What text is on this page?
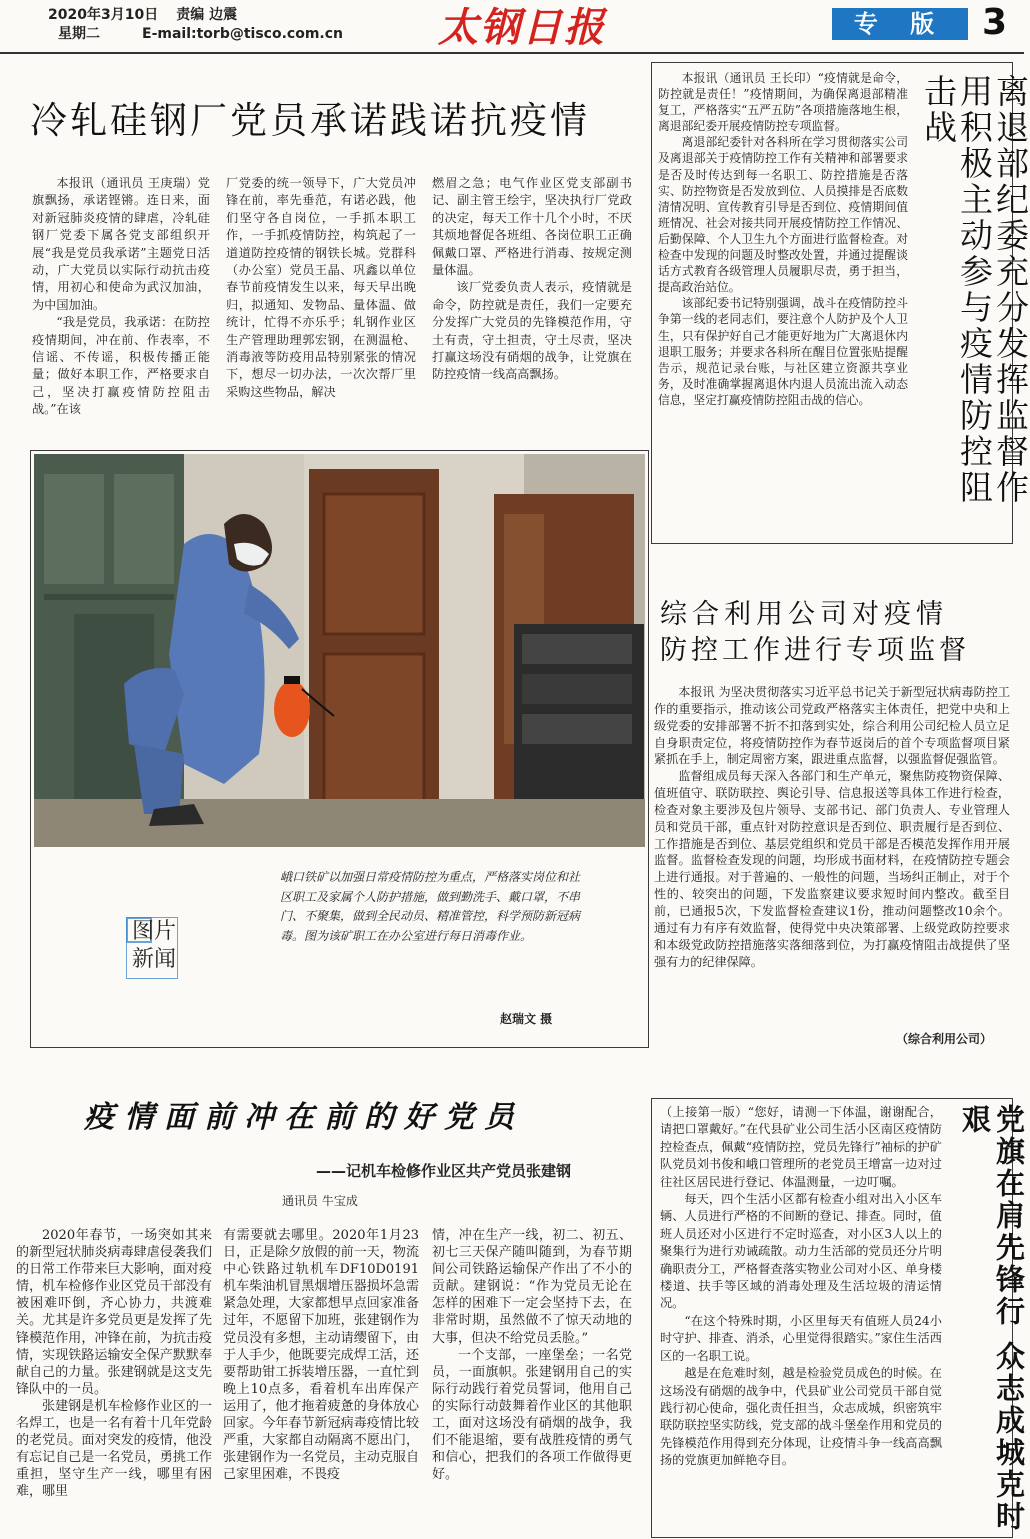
2020年3月10日 责编 边震
星期二	E-mail:torb@tisco.com.cn 太钢日报	专 版 3
冷轧硅钢厂党员承诺践诺抗疫情

本报讯（通讯员 王庚瑞）党旗飘扬，承诺铿锵。连日来，面对新冠肺炎疫情的肆虐，冷轧硅钢厂党委下属各党支部组织开展“我是党员我承诺”主题党日活动，广大党员以实际行动抗击疫情，用初心和使命为武汉加油，为中国加油。

“我是党员，我承诺：在防控疫情期间，冲在前、作表率，不信谣、不传谣，积极传播正能量；做好本职工作，严格要求自己，坚决打赢疫情防控阻击战。”在该

厂党委的统一领导下，广大党员冲锋在前，率先垂范，有诺必践，他们坚守各自岗位，一手抓本职工作，一手抓疫情防控，构筑起了一道道防控疫情的钢铁长城。党群科（办公室）党员王晶、巩鑫以单位春节前疫情发生以来，每天早出晚归，拟通知、发物品、量体温、做统计，忙得不亦乐乎；轧钢作业区生产管理助理郭宏钢，在测温枪、消毒液等防疫用品特别紧张的情况下，想尽一切办法，一次次帮厂里采购这些物品，解决

燃眉之急；电气作业区党支部副书记、副主管王绘宇，坚决执行厂党政的决定，每天工作十几个小时，不厌其烦地督促各班组、各岗位职工正确佩戴口罩、严格进行消毒、按规定测量体温。

该厂党委负责人表示，疫情就是命令，防控就是责任，我们一定要充分发挥广大党员的先锋模范作用，守土有责，守土担责，守土尽责，坚决打赢这场没有硝烟的战争，让党旗在防控疫情一线高高飘扬。

图片
新闻
峨口铁矿以加强日常疫情防控为重点，严格落实岗位和社区职工及家属个人防护措施，做到勤洗手、戴口罩，不串门、不聚集，做到全民动员、精准管控，科学预防新冠病毒。图为该矿职工在办公室进行每日消毒作业。
赵瑞文 摄

本报讯（通讯员 王长印）“疫情就是命令，防控就是责任！”疫情期间，为确保离退部精准复工，严格落实“五严五防”各项措施落地生根，离退部纪委开展疫情防控专项监督。

离退部纪委针对各科所在学习贯彻落实公司及离退部关于疫情防控工作有关精神和部署要求是否及时传达到每一名职工、防控措施是否落实、防控物资是否发放到位、人员摸排是否底数清情况明、宣传教育引导是否到位、疫情期间值班情况、社会对接共同开展疫情防控工作情况、后勤保障、个人卫生九个方面进行监督检查。对检查中发现的问题及时整改处置，并通过提醒谈话方式教育各级管理人员履职尽责，勇于担当，提高政治站位。

该部纪委书记特别强调，战斗在疫情防控斗争第一线的老同志们，要注意个人防护及个人卫生，只有保护好自己才能更好地为广大离退休内退职工服务；并要求各科所在醒目位置张贴提醒告示，规范记录台账，与社区建立资源共享业务，及时准确掌握离退休内退人员流出流入动态信息，坚定打赢疫情防控阻击战的信心。	离退部纪委充分发挥监督作用积极主动参与疫情防控阻击战
综合利用公司对疫情
防控工作进行专项监督

本报讯 为坚决贯彻落实习近平总书记关于新型冠状病毒防控工作的重要指示，推动该公司党政严格落实主体责任，把党中央和上级党委的安排部署不折不扣落到实处，综合利用公司纪检人员立足自身职责定位，将疫情防控作为春节返岗后的首个专项监督项目紧紧抓在手上，制定周密方案，跟进重点监督，以强监督促强监管。

监督组成员每天深入各部门和生产单元，聚焦防疫物资保障、值班值守、联防联控、舆论引导、信息报送等具体工作进行检查，检查对象主要涉及包片领导、支部书记、部门负责人、专业管理人员和党员干部，重点针对防控意识是否到位、职责履行是否到位、工作措施是否到位、基层党组织和党员干部是否模范发挥作用开展监督。监督检查发现的问题，均形成书面材料，在疫情防控专题会上进行通报。对于普遍的、一般性的问题，当场纠正制止，对于个性的、较突出的问题，下发监察建议要求短时间内整改。截至目前，已通报5次，下发监督检查建议1份，推动问题整改10余个。通过有力有序有效监督，使得党中央决策部署、上级党政防控要求和本级党政防控措施落实落细落到位，为打赢疫情阻击战提供了坚强有力的纪律保障。

（综合利用公司）
疫情面前冲在前的好党员
——记机车检修作业区共产党员张建钢
通讯员 牛宝成

2020年春节，一场突如其来的新型冠状肺炎病毒肆虐侵袭我们的日常工作带来巨大影响，面对疫情，机车检修作业区党员干部没有被困难吓倒，齐心协力，共渡难关。尤其是许多党员更是发挥了先锋模范作用，冲锋在前，为抗击疫情，实现铁路运输安全保产默默奉献自己的力量。张建钢就是这支先锋队中的一员。

张建钢是机车检修作业区的一名焊工，也是一名有着十几年党龄的老党员。面对突发的疫情，他没有忘记自己是一名党员，勇挑工作重担，坚守生产一线，哪里有困难，哪里

有需要就去哪里。2020年1月23日，正是除夕放假的前一天，物流中心铁路过轨机车DF10D0191机车柴油机冒黑烟增压器损坏急需紧急处理，大家都想早点回家准备过年，不愿留下加班，张建钢作为党员没有多想，主动请缨留下，由于人手少，他既要完成焊工活，还要帮助钳工拆装增压器，一直忙到晚上10点多，看着机车出库保产运用了，他才拖着疲惫的身体放心回家。今年春节新冠病毒疫情比较严重，大家都自动隔离不愿出门，张建钢作为一名党员，主动克服自己家里困难，不畏疫

情，冲在生产一线，初二、初五、初七三天保产随叫随到，为春节期间公司铁路运输保产作出了不小的贡献。建钢说：“作为党员无论在怎样的困难下一定会坚持下去，在非常时期，虽然做不了惊天动地的大事，但决不给党员丢脸。”

一个支部，一座堡垒；一名党员，一面旗帜。张建钢用自己的实际行动践行着党员誓词，他用自己的实际行动鼓舞着作业区的其他职工，面对这场没有硝烟的战争，我们不能退缩，要有战胜疫情的勇气和信心，把我们的各项工作做得更好。

（上接第一版）“您好，请测一下体温，谢谢配合，请把口罩戴好。”在代县矿业公司生活小区南区疫情防控检查点，佩戴“疫情防控，党员先锋行”袖标的护矿队党员刘书俊和峨口管理所的老党员王增富一边对过往社区居民进行登记、体温测量，一边叮嘱。

每天，四个生活小区都有检查小组对出入小区车辆、人员进行严格的不间断的登记、排查。同时，值班人员还对小区进行不定时巡查，对小区3人以上的聚集行为进行劝诫疏散。动力生活部的党员还分片明确职责分工，严格督查落实物业公司对小区、单身楼楼道、扶手等区域的消毒处理及生活垃圾的清运情况。

“在这个特殊时期，小区里每天有值班人员24小时守护、排查、消杀，心里觉得很踏实。”家住生活西区的一名职工说。

越是在危难时刻，越是检验党员成色的时候。在这场没有硝烟的战争中，代县矿业公司党员干部自觉践行初心使命，强化责任担当，众志成城，织密筑牢联防联控坚实防线，党支部的战斗堡垒作用和党员的先锋模范作用得到充分体现，让疫情斗争一线高高飘扬的党旗更加鲜艳夺目。	党旗在肩先锋行 众志成城克时艰
